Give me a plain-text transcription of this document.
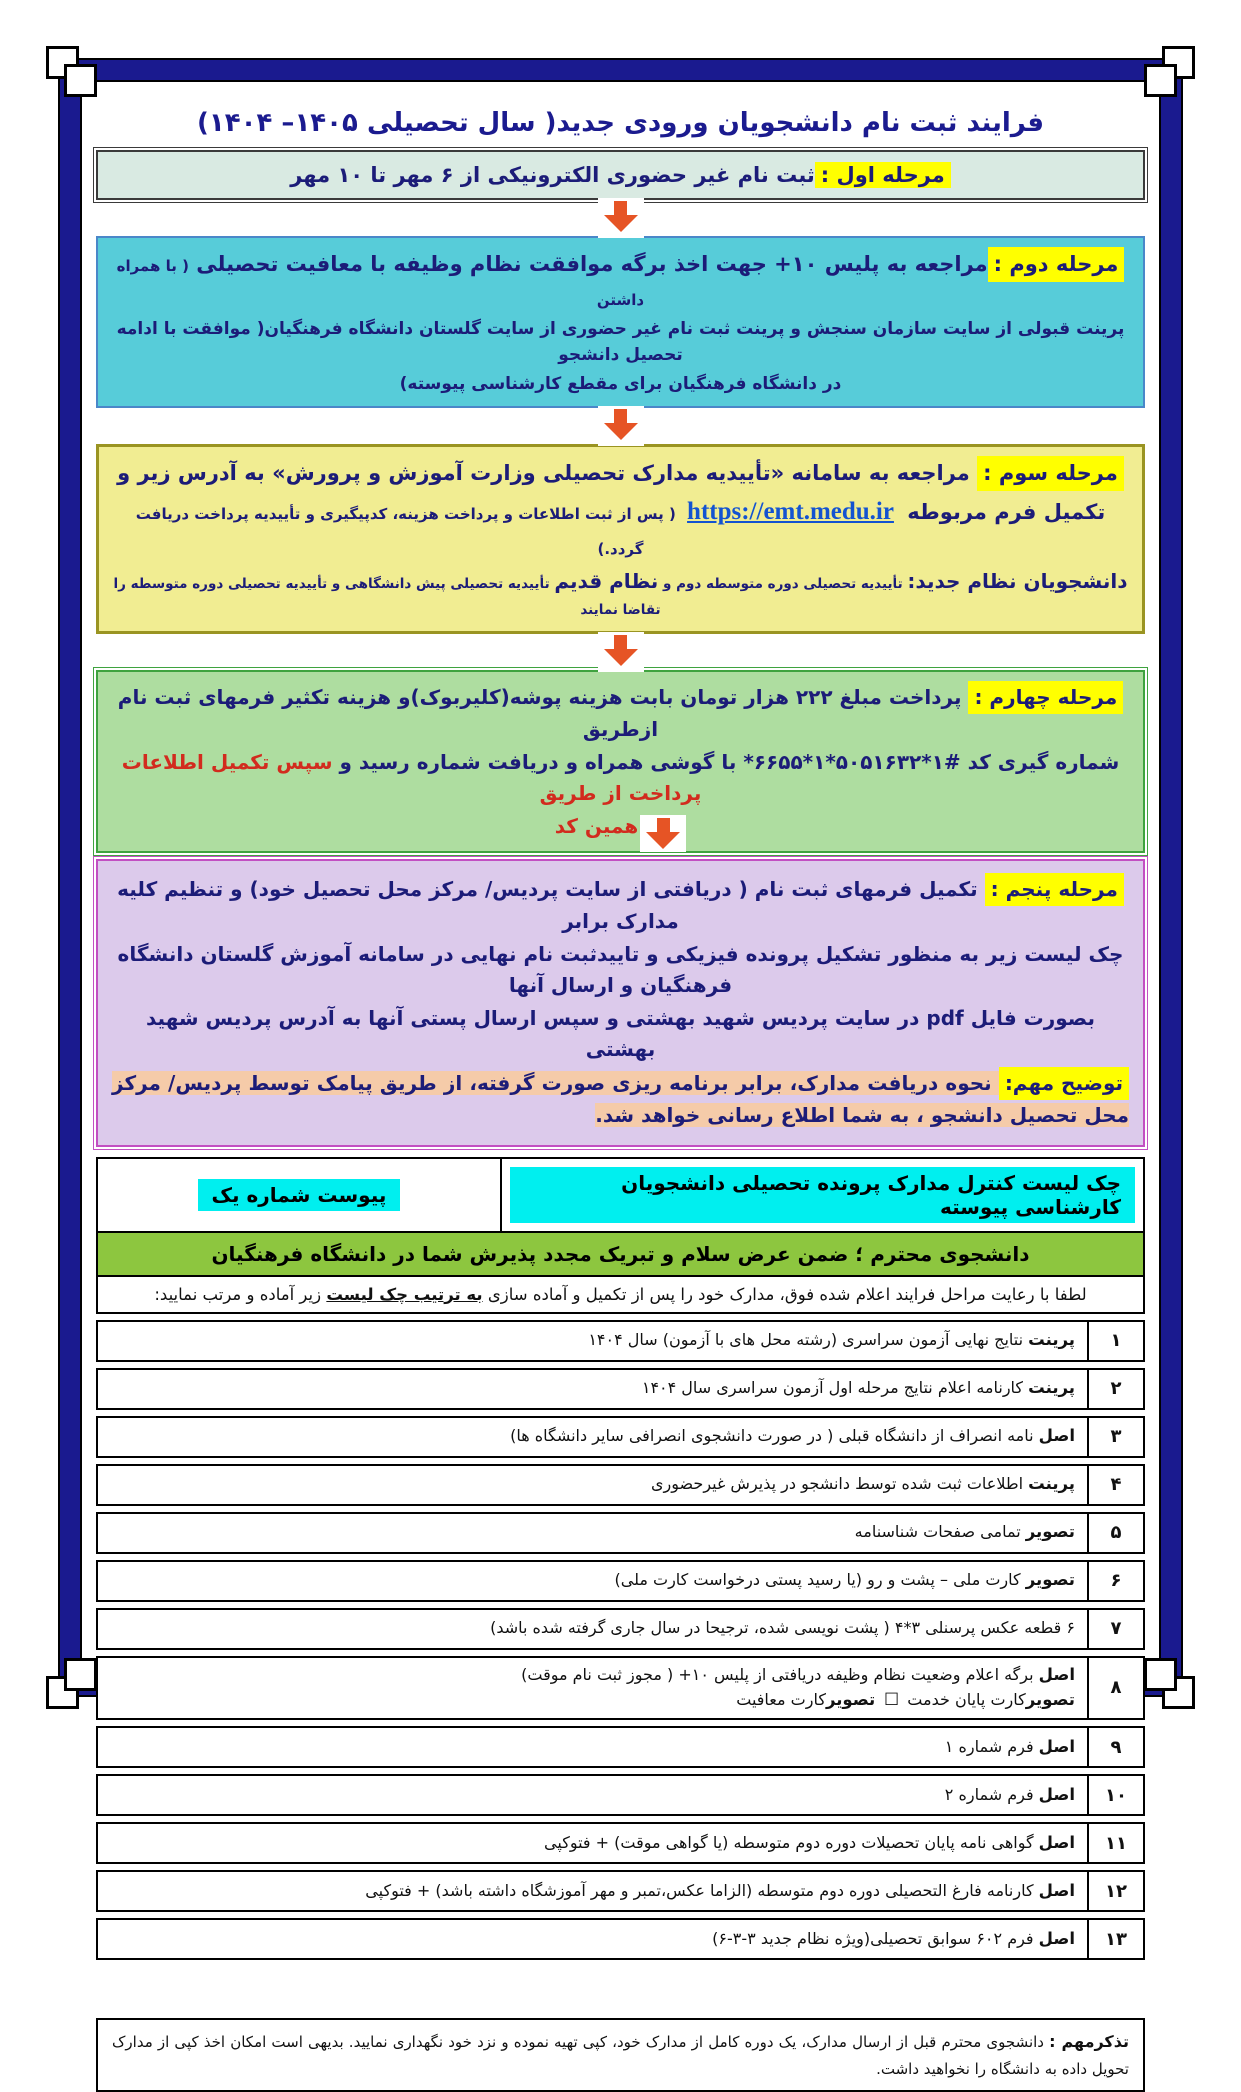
فرایند ثبت نام دانشجویان ورودی جدید( سال تحصیلی ۱۴۰۵– ۱۴۰۴)
مرحله اول :ثبت نام غیر حضوری الکترونیکی از ۶ مهر تا ۱۰ مهر
مرحله دوم :مراجعه به پلیس ۱۰+ جهت اخذ برگه موافقت نظام وظیفه با معافیت تحصیلی ( با همراه داشتن
پرینت قبولی از سایت سازمان سنجش و پرینت ثبت نام غیر حضوری از سایت گلستان دانشگاه فرهنگیان( موافقت با ادامه تحصیل دانشجو
در دانشگاه فرهنگیان برای مقطع کارشناسی پیوسته)
مرحله سوم : مراجعه به سامانه «تأییدیه مدارک تحصیلی وزارت آموزش و پرورش» به آدرس زیر و
تکمیل فرم مربوطه https://emt.medu.ir ( پس از ثبت اطلاعات و پرداخت هزینه، کدپیگیری و تأییدیه پرداخت دریافت گردد.)
دانشجویان نظام جدید: تأییدیه تحصیلی دوره متوسطه دوم و نظام قدیم تأییدیه تحصیلی پیش دانشگاهی و تأییدیه تحصیلی دوره متوسطه را تقاضا نمایند
مرحله چهارم : پرداخت مبلغ ۲۲۲ هزار تومان بابت هزینه پوشه(کلیربوک)و هزینه تکثیر فرمهای ثبت نام ازطریق
شماره گیری کد *۶۶۵۵*۱*۵۰۵۱۶۳۲*۱# با گوشی همراه و دریافت شماره رسید و سپس تکمیل اطلاعات پرداخت از طریق
همین کد
مرحله پنجم : تکمیل فرمهای ثبت نام ( دریافتی از سایت پردیس/ مرکز محل تحصیل خود) و تنظیم کلیه مدارک برابر
چک لیست زیر به منظور تشکیل پرونده فیزیکی و تاییدثبت نام نهایی در سامانه آموزش گلستان دانشگاه فرهنگیان و ارسال آنها
بصورت فایل pdf در سایت پردیس شهید بهشتی و سپس ارسال پستی آنها به آدرس پردیس شهید بهشتی
توضیح مهم: نحوه دریافت مدارک، برابر برنامه ریزی صورت گرفته، از طریق پیامک توسط پردیس/ مرکز محل تحصیل دانشجو ، به شما اطلاع رسانی خواهد شد.
چک لیست کنترل مدارک پرونده تحصیلی دانشجویان کارشناسی پیوسته
پیوست شماره یک
دانشجوی محترم ؛ ضمن عرض سلام و تبریک مجدد پذیرش شما در دانشگاه فرهنگیان
لطفا با رعایت مراحل فرایند اعلام شده فوق، مدارک خود را پس از تکمیل و آماده سازی به ترتیب چک لیست زیر آماده و مرتب نمایید:
۱
پرینت نتایج نهایی آزمون سراسری (رشته محل های با آزمون) سال ۱۴۰۴
۲
پرینت کارنامه اعلام نتایج مرحله اول آزمون سراسری سال ۱۴۰۴
۳
اصل نامه انصراف از دانشگاه قبلی ( در صورت دانشجوی انصرافی سایر دانشگاه ها)
۴
پرینت اطلاعات ثبت شده توسط دانشجو در پذیرش غیرحضوری
۵
تصویر تمامی صفحات شناسنامه
۶
تصویر کارت ملی – پشت و رو (یا رسید پستی درخواست کارت ملی)
۷
۶ قطعه عکس پرسنلی ۳*۴ ( پشت نویسی شده، ترجیحا در سال جاری گرفته شده باشد)
۸
اصل برگه اعلام وضعیت نظام وظیفه دریافتی از پلیس ۱۰+ ( مجوز ثبت نام موقت)
تصویرکارت پایان خدمت ☐ تصویرکارت معافیت
۹
اصل فرم شماره ۱
۱۰
اصل فرم شماره ۲
۱۱
اصل گواهی نامه پایان تحصیلات دوره دوم متوسطه (یا گواهی موقت) + فتوکپی
۱۲
اصل کارنامه فارغ التحصیلی دوره دوم متوسطه (الزاما عکس،تمبر و مهر آموزشگاه داشته باشد) + فتوکپی
۱۳
اصل فرم ۶۰۲ سوابق تحصیلی(ویژه نظام جدید ۳-۳-۶)
تذکرمهم : دانشجوی محترم قبل از ارسال مدارک، یک دوره کامل از مدارک خود، کپی تهیه نموده و نزد خود نگهداری نمایید. بدیهی است امکان اخذ کپی از مدارک تحویل داده به دانشگاه را نخواهید داشت.
